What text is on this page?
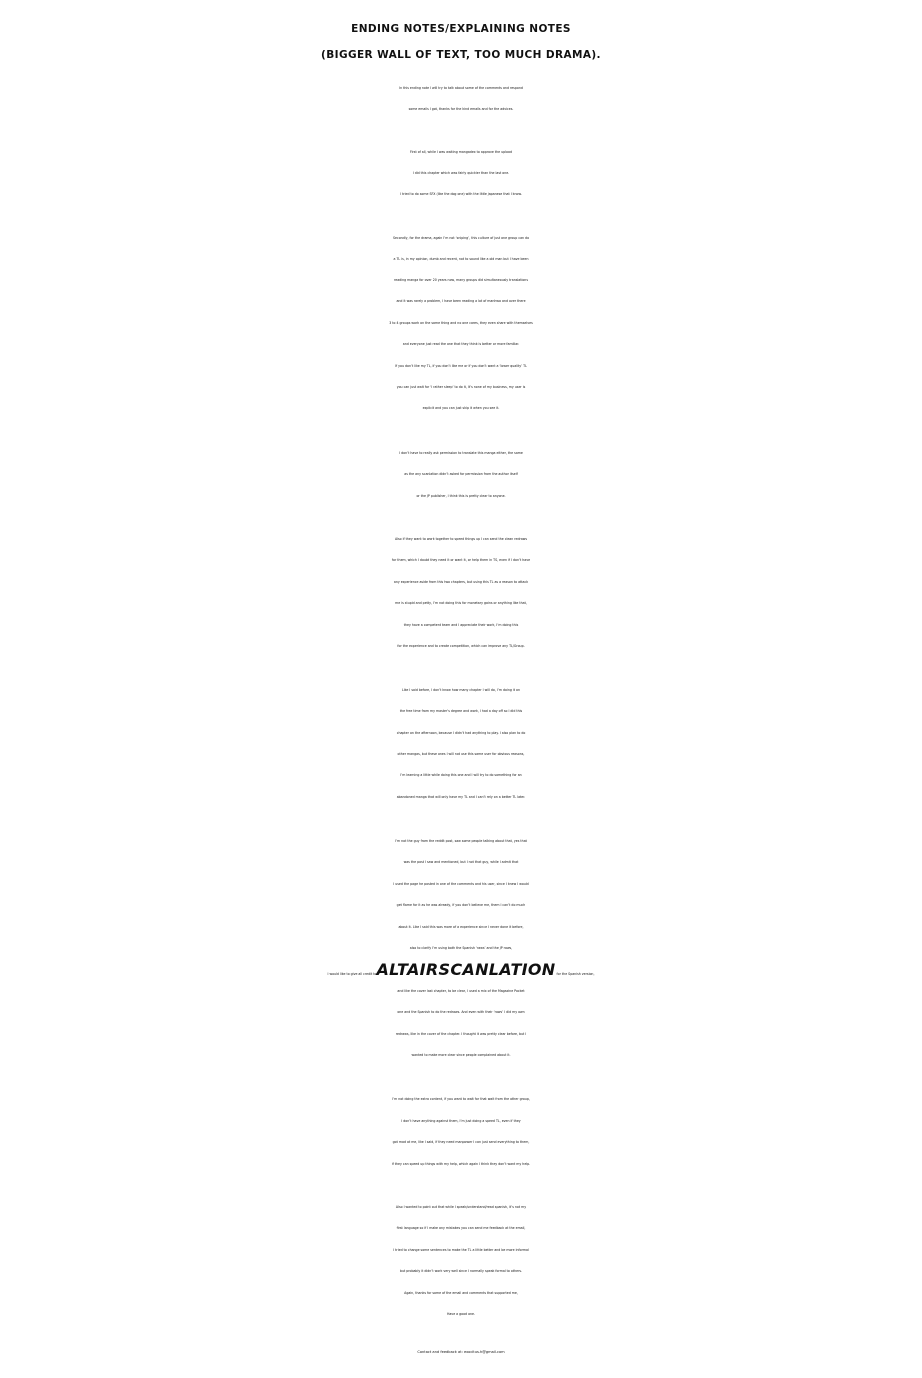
ENDING NOTES/EXPLAINING NOTES
(BIGGER WALL OF TEXT, TOO MUCH DRAMA).
In this ending note I will try to talk about some of the comments and respond
some emails I got, thanks for the kind emails and for the advices.
First of all, while I was waiting mangadex to approve the upload
I did this chapter which was fairly quickier than the last one.
I tried to do some SFX (like the dog one) with the little japanese that I know.
Secondly, for the drama, again I’m not ‘sniping’, this culture of just one group can do
a TL is, in my opinion, dumb and recent, not to sound like a old man but I have been
reading manga for over 20 years now, many groups did simultaneously translations
and it was rarely a problem, I have been reading a lot of manhwa and over there
3 to 4 groups work on the same thing and no one cares, they even share with themselves
and everyone just read the one that they think is better or more familiar.
If you don’t like my TL, if you don’t like me or if you don’t want a ‘lower quality’ TL
you can just wait for ‘I rather sleep’ to do it, It’s none of my business, my user is
explicit and you can just skip it when you see it.
I don’t have to really ask permission to translate this manga either, the same
as the any scanlation didn’t asked for permission from the author itself
or the JP publisher, I think this is pretty clear to anyone.
Also if they want to work together to speed things up I can send the clean redraws
for them, which I doubt they need it or want it, or help them in TS, even if I don’t have
any experience aside from this two chapters, but using this TL as a reason to attack
me is stupid and petty, I’m not doing this for monetary gains or anything like that,
they have a competent team and I appreciate their work, I’m doing this
for the experience and to create competition, which can improve any TL/Group.
Like I said before, I don’t know how many chapter I will do, I’m doing it on
the free time from my master’s degree and work, I had a day off so I did this
chapter on the afternoon, because I didn’t had anything to play. I also plan to do
other mangas, but these ones I will not use this same user for obvious reasons,
I’m learning a little while doing this one and I will try to do something for an
abandoned manga that will only have my TL and I can’t rely on a better TL later.
I’m not the guy from the reddit post, saw some people talking about that, yes that
was the post I saw and mentioned, but I not that guy, while I admit that
I used the page he posted in one of the comments and his user, since I knew I would
get flame for it as he was already, if you don’t believe me, them I can’t do much
about it. Like I said this was more of a experience since I never done it before,
also to clarify I’m using both the Spanish ‘raws’ and the JP raws,
I would like to give all credit toALTAIRSCANLATION for the Spanish version,
and like the cover last chapter, to be clear, I used a mix of the Magazine Pocket
one and the Spanish to do the redraws. And even with their ‘raws’ I did my own
redraws, like in the cover of the chapter. I thought it was pretty clear before, but I
wanted to make more clear since people complained about it.
I’m not doing the extra content, if you want to wait for that wait from the other group,
I don’t have anything against them, I’m just doing a speed TL, even if they
got mad at me, like I said, if they need manpower I can just send everything to them,
if they can speed up things with my help, which again I think they don’t want my help.
Also I wanted to point out that while I speak/understand/read spanish, it’s not my
first language so if I make any mistakes you can send me feedback at the email,
I tried to change some sentences to make the TL a little better and be more informal
but probably it didn’t work very well since I normally speak formal to others.
Again, thanks for some of the email and comments that supported me,
Have a good one.
Contact and feedback at: exocitus.h@gmail.com
